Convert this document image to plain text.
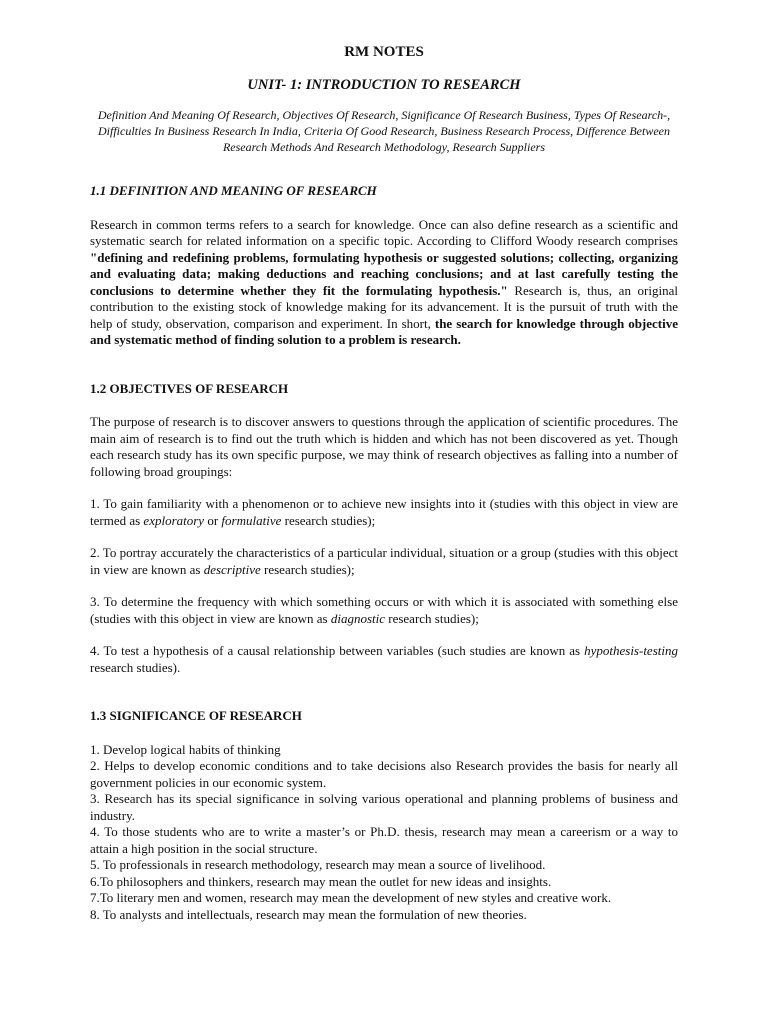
RM NOTES
UNIT- 1: INTRODUCTION TO RESEARCH
Definition And Meaning Of Research, Objectives Of Research, Significance Of Research Business, Types Of Research-, Difficulties In Business Research In India, Criteria Of Good Research, Business Research Process, Difference Between Research Methods And Research Methodology, Research Suppliers
1.1 DEFINITION AND MEANING OF RESEARCH

Research in common terms refers to a search for knowledge. Once can also define research as a scientific and systematic search for related information on a specific topic. According to Clifford Woody research comprises "defining and redefining problems, formulating hypothesis or suggested solutions; collecting, organizing and evaluating data; making deductions and reaching conclusions; and at last carefully testing the conclusions to determine whether they fit the formulating hypothesis." Research is, thus, an original contribution to the existing stock of knowledge making for its advancement. It is the pursuit of truth with the help of study, observation, comparison and experiment. In short, the search for knowledge through objective and systematic method of finding solution to a problem is research.

1.2 OBJECTIVES OF RESEARCH

The purpose of research is to discover answers to questions through the application of scientific procedures. The main aim of research is to find out the truth which is hidden and which has not been discovered as yet. Though each research study has its own specific purpose, we may think of research objectives as falling into a number of following broad groupings:

1. To gain familiarity with a phenomenon or to achieve new insights into it (studies with this object in view are termed as exploratory or formulative research studies);

2. To portray accurately the characteristics of a particular individual, situation or a group (studies with this object in view are known as descriptive research studies);

3. To determine the frequency with which something occurs or with which it is associated with something else (studies with this object in view are known as diagnostic research studies);

4. To test a hypothesis of a causal relationship between variables (such studies are known as hypothesis-testing research studies).

1.3 SIGNIFICANCE OF RESEARCH
1. Develop logical habits of thinking
2. Helps to develop economic conditions and to take decisions also Research provides the basis for nearly all government policies in our economic system.
3. Research has its special significance in solving various operational and planning problems of business and industry.
4. To those students who are to write a master’s or Ph.D. thesis, research may mean a careerism or a way to attain a high position in the social structure.
5. To professionals in research methodology, research may mean a source of livelihood.
6.To philosophers and thinkers, research may mean the outlet for new ideas and insights.
7.To literary men and women, research may mean the development of new styles and creative work.
8. To analysts and intellectuals, research may mean the formulation of new theories.
